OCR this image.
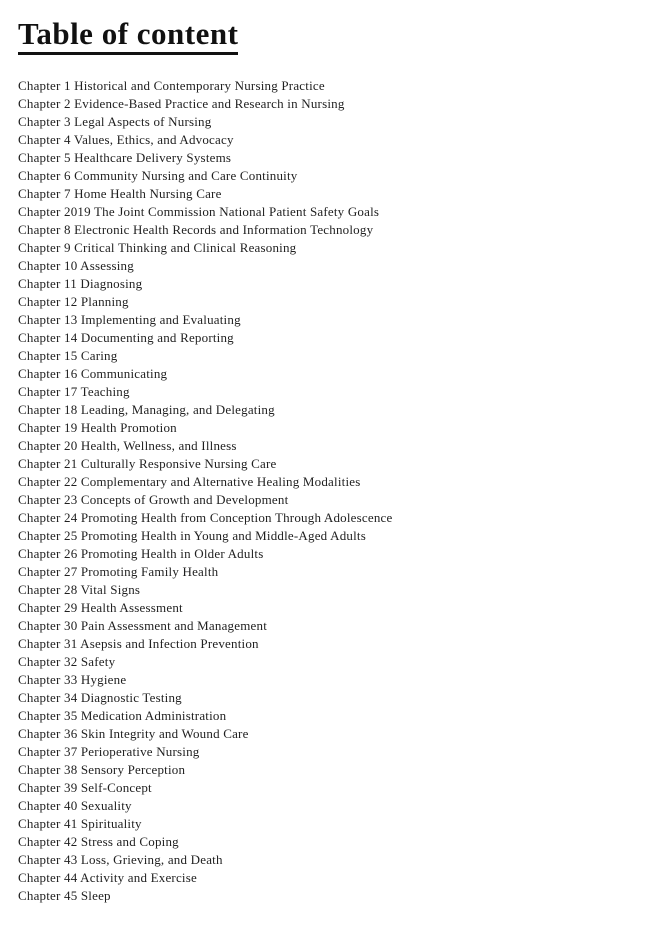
Table of content
Chapter 1 Historical and Contemporary Nursing Practice
Chapter 2 Evidence-Based Practice and Research in Nursing
Chapter 3 Legal Aspects of Nursing
Chapter 4 Values, Ethics, and Advocacy
Chapter 5 Healthcare Delivery Systems
Chapter 6 Community Nursing and Care Continuity
Chapter 7 Home Health Nursing Care
Chapter 2019 The Joint Commission National Patient Safety Goals
Chapter 8 Electronic Health Records and Information Technology
Chapter 9 Critical Thinking and Clinical Reasoning
Chapter 10 Assessing
Chapter 11 Diagnosing
Chapter 12 Planning
Chapter 13 Implementing and Evaluating
Chapter 14 Documenting and Reporting
Chapter 15 Caring
Chapter 16 Communicating
Chapter 17 Teaching
Chapter 18 Leading, Managing, and Delegating
Chapter 19 Health Promotion
Chapter 20 Health, Wellness, and Illness
Chapter 21 Culturally Responsive Nursing Care
Chapter 22 Complementary and Alternative Healing Modalities
Chapter 23 Concepts of Growth and Development
Chapter 24 Promoting Health from Conception Through Adolescence
Chapter 25 Promoting Health in Young and Middle-Aged Adults
Chapter 26 Promoting Health in Older Adults
Chapter 27 Promoting Family Health
Chapter 28 Vital Signs
Chapter 29 Health Assessment
Chapter 30 Pain Assessment and Management
Chapter 31 Asepsis and Infection Prevention
Chapter 32 Safety
Chapter 33 Hygiene
Chapter 34 Diagnostic Testing
Chapter 35 Medication Administration
Chapter 36 Skin Integrity and Wound Care
Chapter 37 Perioperative Nursing
Chapter 38 Sensory Perception
Chapter 39 Self-Concept
Chapter 40 Sexuality
Chapter 41 Spirituality
Chapter 42 Stress and Coping
Chapter 43 Loss, Grieving, and Death
Chapter 44 Activity and Exercise
Chapter 45 Sleep
